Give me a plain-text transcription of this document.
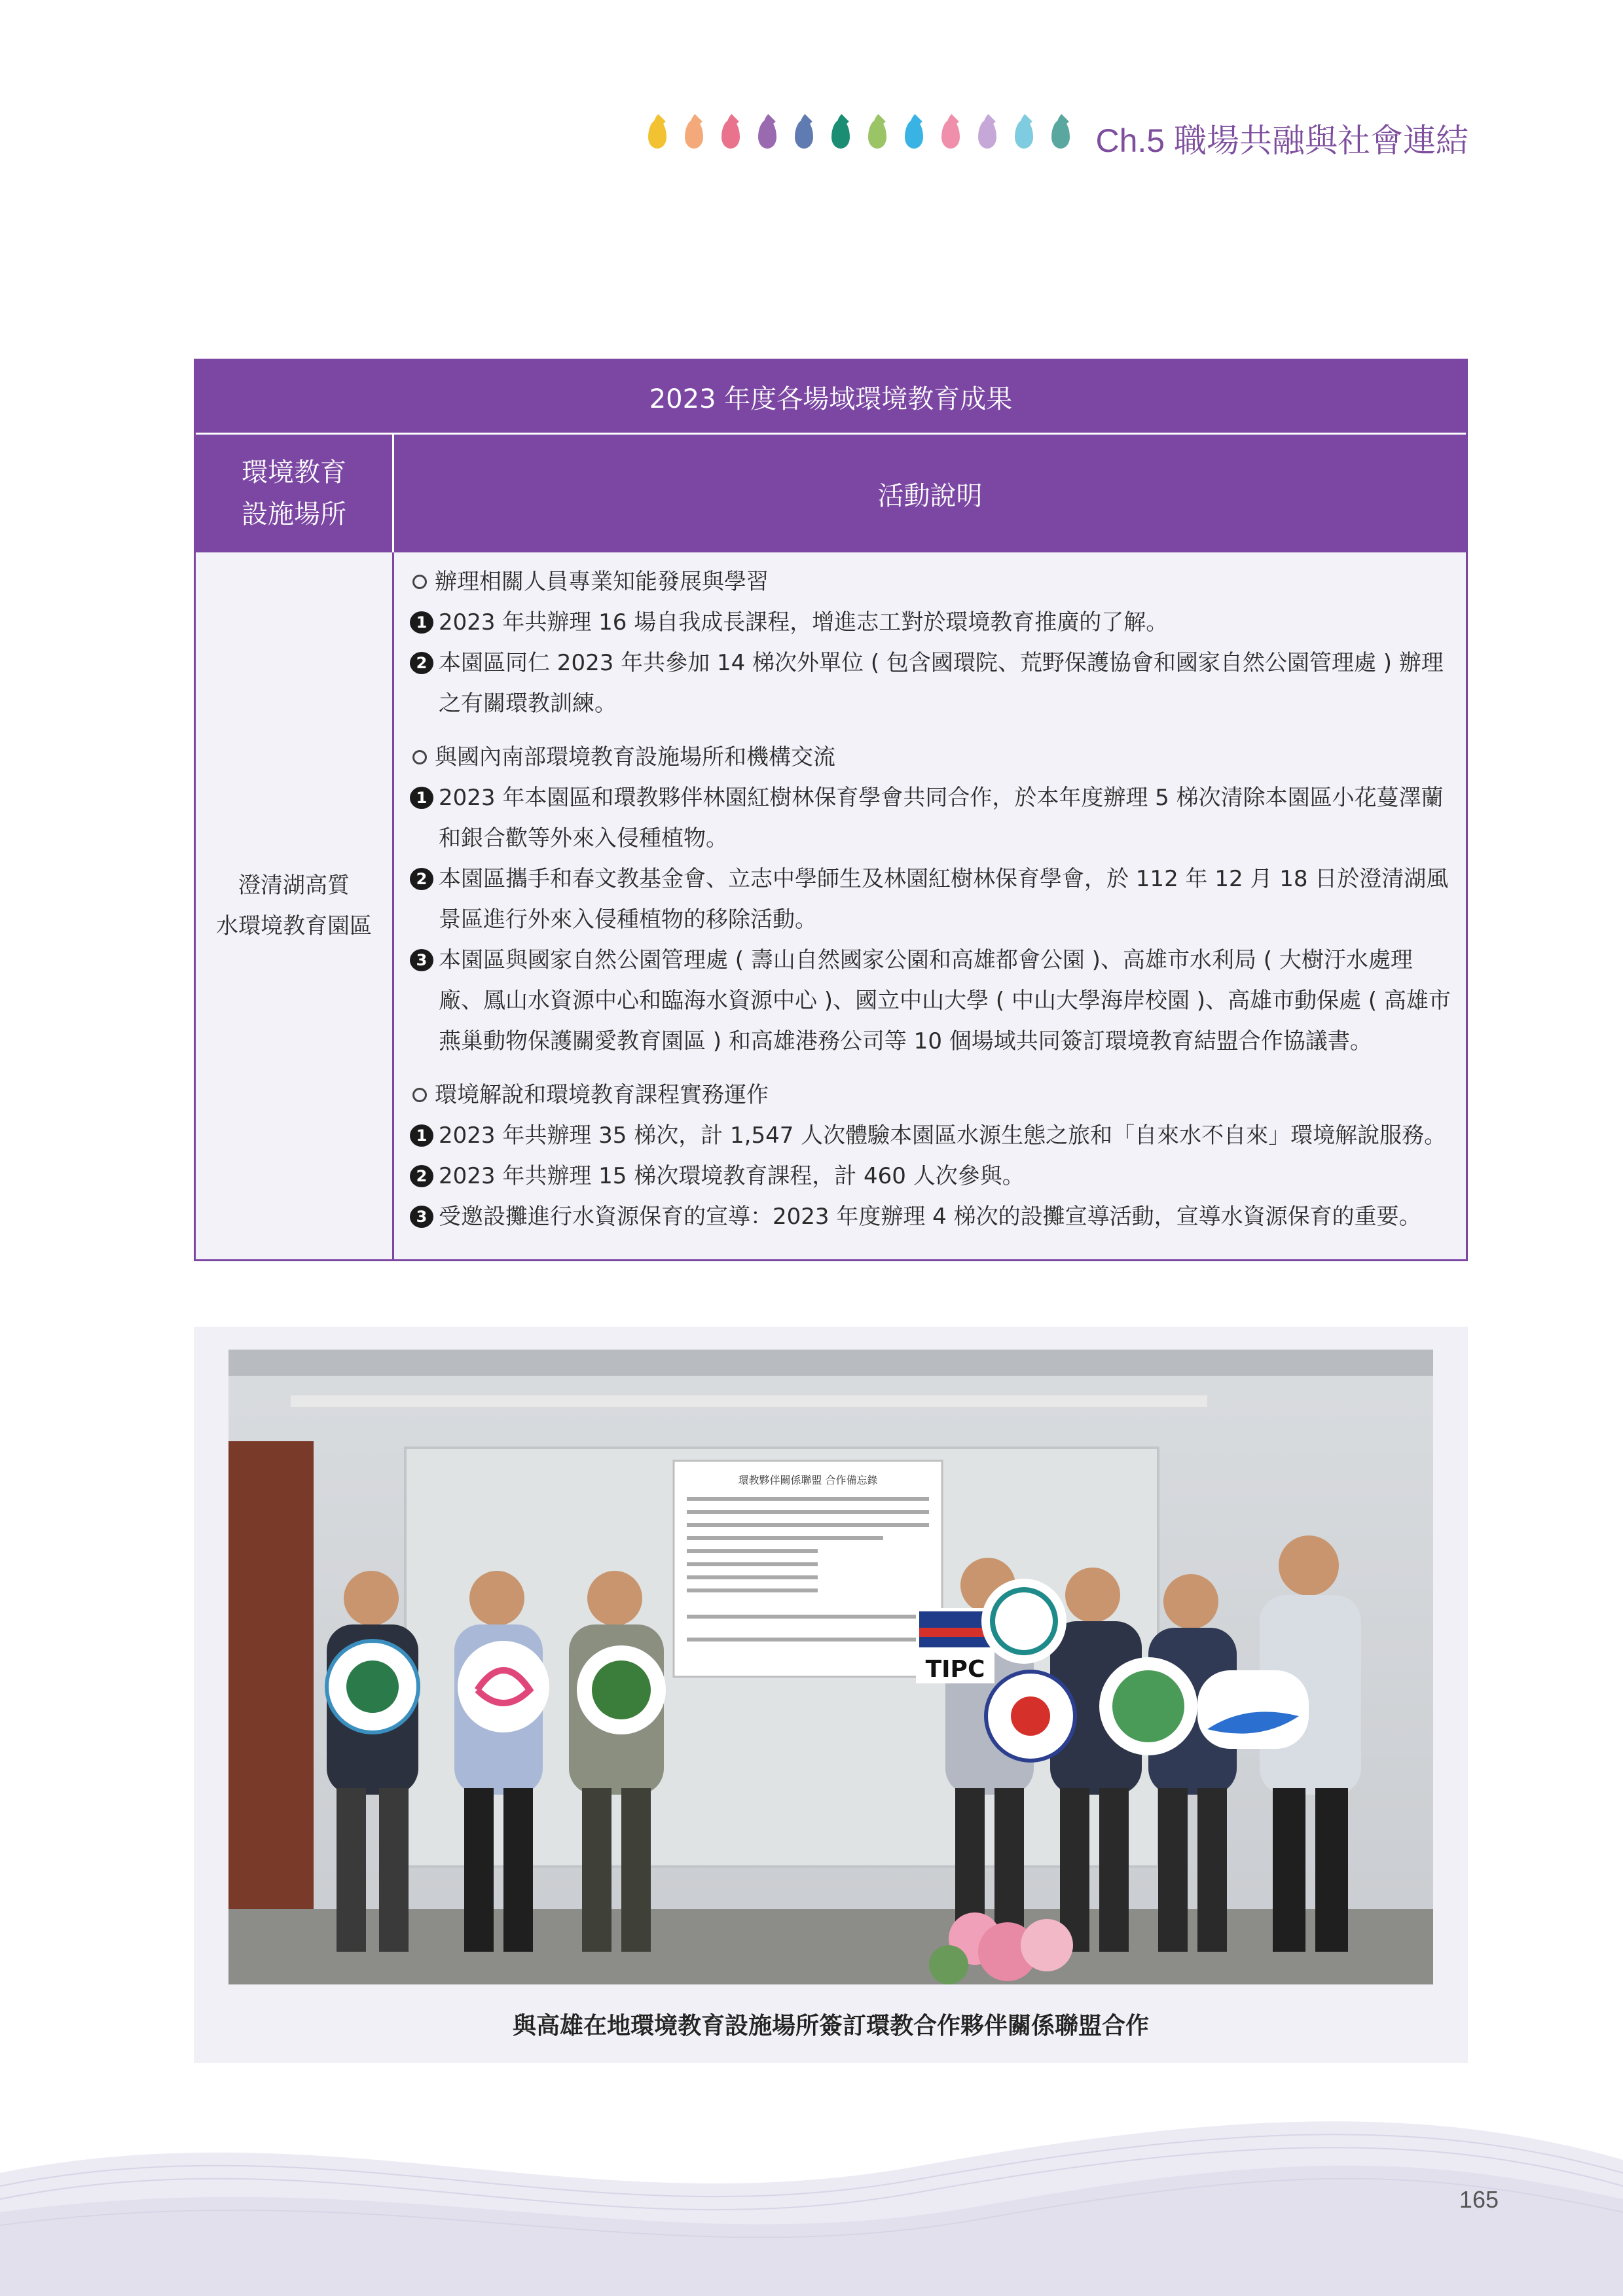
Ch.5 職場共融與社會連結
2023 年度各場域環境教育成果
環境教育
設施場所
活動說明
澄清湖高質
水環境教育園區
辦理相關人員專業知能發展與學習
1 2023 年共辦理 16 場自我成長課程，增進志工對於環境教育推廣的了解。
2 本園區同仁 2023 年共參加 14 梯次外單位 ( 包含國環院、荒野保護協會和國家自然公園管理處 ) 辦理之有關環教訓練。
與國內南部環境教育設施場所和機構交流
1 2023 年本園區和環教夥伴林園紅樹林保育學會共同合作，於本年度辦理 5 梯次清除本園區小花蔓澤蘭和銀合歡等外來入侵種植物。
2 本園區攜手和春文教基金會、立志中學師生及林園紅樹林保育學會，於 112 年 12 月 18 日於澄清湖風景區進行外來入侵種植物的移除活動。
3 本園區與國家自然公園管理處 ( 壽山自然國家公園和高雄都會公園 )、高雄市水利局 ( 大樹汙水處理廠、鳳山水資源中心和臨海水資源中心 )、國立中山大學 ( 中山大學海岸校園 )、高雄市動保處 ( 高雄市燕巢動物保護關愛教育園區 ) 和高雄港務公司等 10 個場域共同簽訂環境教育結盟合作協議書。
環境解說和環境教育課程實務運作
1 2023 年共辦理 35 梯次，計 1,547 人次體驗本園區水源生態之旅和「自來水不自來」環境解說服務。
2 2023 年共辦理 15 梯次環境教育課程，計 460 人次參與。
3 受邀設攤進行水資源保育的宣導：2023 年度辦理 4 梯次的設攤宣導活動，宣導水資源保育的重要。
環教夥伴關係聯盟 合作備忘錄
TIPC
與高雄在地環境教育設施場所簽訂環教合作夥伴關係聯盟合作
165
